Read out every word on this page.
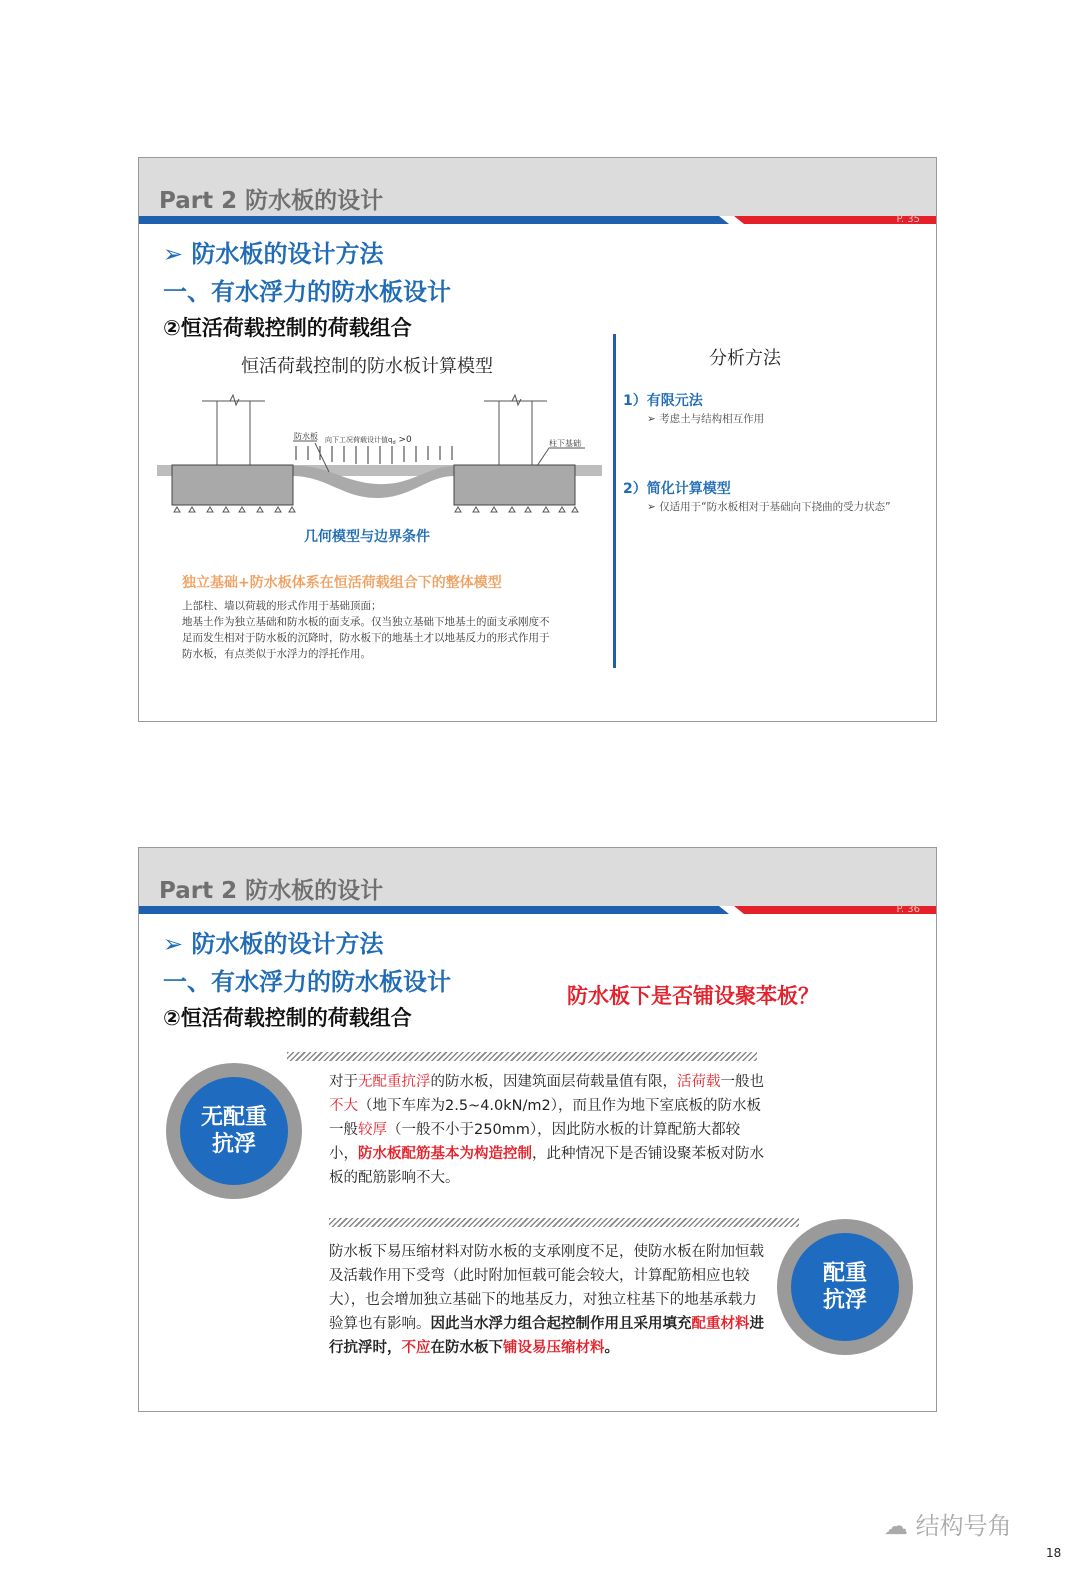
Part 2 防水板的设计
P. 35
➢ 防水板的设计方法
一、有水浮力的防水板设计
②恒活荷载控制的荷载组合
恒活荷载控制的防水板计算模型
防水板 向下工况荷载设计值$q_d >0$	柱下基础
几何模型与边界条件
独立基础+防水板体系在恒活荷载组合下的整体模型
上部柱、墙以荷载的形式作用于基础顶面；
地基土作为独立基础和防水板的面支承。仅当独立基础下地基土的面支承刚度不
足而发生相对于防水板的沉降时，防水板下的地基土才以地基反力的形式作用于
防水板，有点类似于水浮力的浮托作用。
分析方法
1）有限元法
➢ 考虑土与结构相互作用
2）简化计算模型
➢ 仅适用于“防水板相对于基础向下挠曲的受力状态”
Part 2 防水板的设计
P. 36
➢ 防水板的设计方法
一、有水浮力的防水板设计
②恒活荷载控制的荷载组合
防水板下是否铺设聚苯板？
无配重
抗浮
对于无配重抗浮的防水板，因建筑面层荷载量值有限，活荷载一般也不大（地下车库为2.5~4.0kN/m2），而且作为地下室底板的防水板一般较厚（一般不小于250mm），因此防水板的计算配筋大都较小，防水板配筋基本为构造控制，此种情况下是否铺设聚苯板对防水板的配筋影响不大。
防水板下易压缩材料对防水板的支承刚度不足，使防水板在附加恒载及活载作用下受弯（此时附加恒载可能会较大，计算配筋相应也较大），也会增加独立基础下的地基反力，对独立柱基下的地基承载力验算也有影响。因此当水浮力组合起控制作用且采用填充配重材料进行抗浮时，不应在防水板下铺设易压缩材料。
配重
抗浮
☁ 结构号角
18
